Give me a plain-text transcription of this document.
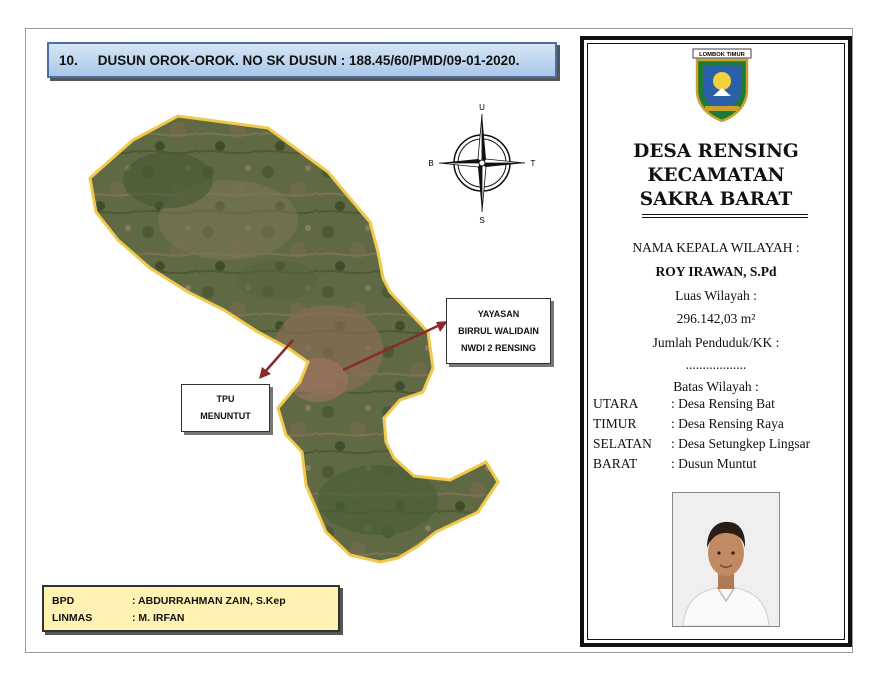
10. DUSUN OROK-OROK. NO SK DUSUN : 188.45/60/PMD/09-01-2020.
U
S
B	T
YAYASAN
BIRRUL WALIDAIN
NWDI 2 RENSING
TPU
MENUNTUT
BPD	: ABDURRAHMAN ZAIN, S.Kep
LINMAS	: M. IRFAN
LOMBOK TIMUR
DESA RENSING
KECAMATAN
SAKRA BARAT
NAMA KEPALA WILAYAH :
ROY IRAWAN, S.Pd
Luas Wilayah :
296.142,03 m²
Jumlah Penduduk/KK :
..................
Batas Wilayah :
UTARA	: Desa Rensing Bat
TIMUR	: Desa Rensing Raya
SELATAN	: Desa Setungkep Lingsar
BARAT	: Dusun Muntut
